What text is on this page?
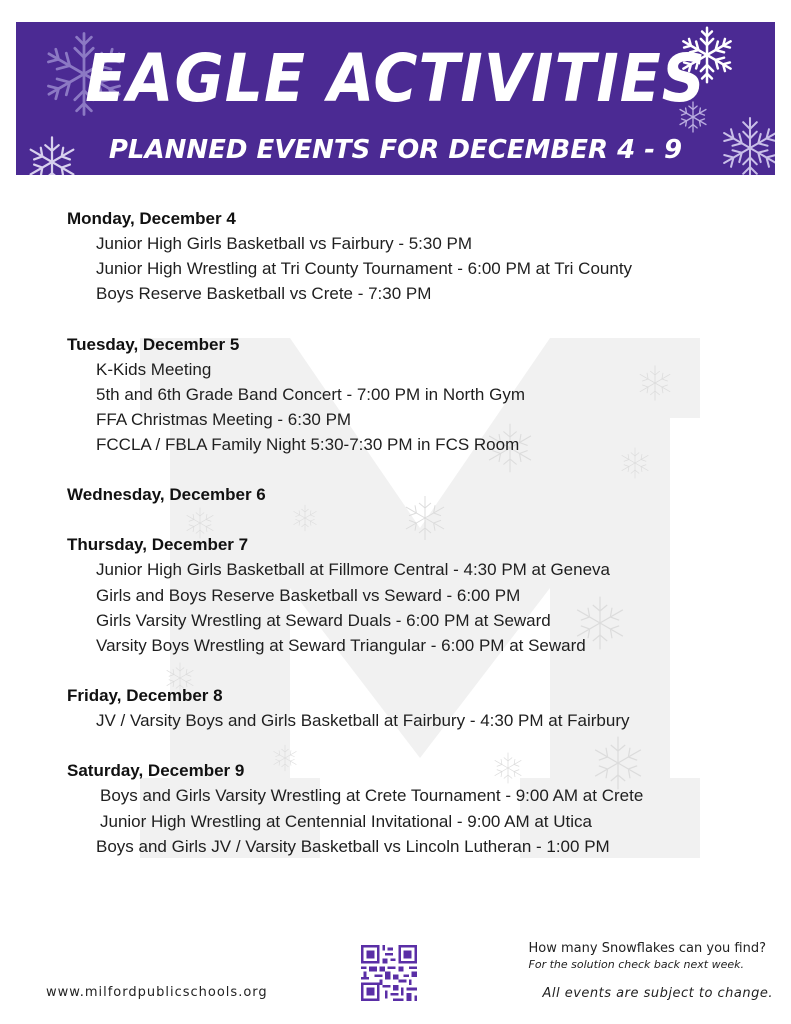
EAGLE ACTIVITIES
PLANNED EVENTS FOR DECEMBER 4 - 9
Monday, December 4
Junior High Girls Basketball vs Fairbury - 5:30 PM
Junior High Wrestling at Tri County Tournament - 6:00 PM at Tri County
Boys Reserve Basketball vs Crete - 7:30 PM
Tuesday, December 5
K-Kids Meeting
5th and 6th Grade Band Concert - 7:00 PM in North Gym
FFA Christmas Meeting - 6:30 PM
FCCLA / FBLA Family Night 5:30-7:30 PM in FCS Room
Wednesday, December 6
Thursday, December 7
Junior High Girls Basketball at Fillmore Central - 4:30 PM at Geneva
Girls and Boys Reserve Basketball vs Seward - 6:00 PM
Girls Varsity Wrestling at Seward Duals - 6:00 PM at Seward
Varsity Boys Wrestling at Seward Triangular - 6:00 PM at Seward
Friday, December 8
JV / Varsity Boys and Girls Basketball at Fairbury - 4:30 PM at Fairbury
Saturday, December 9
Boys and Girls Varsity Wrestling at Crete Tournament - 9:00 AM at Crete
Junior High Wrestling at Centennial Invitational - 9:00 AM at Utica
Boys and Girls JV / Varsity Basketball vs Lincoln Lutheran - 1:00 PM
www.milfordpublicschools.org
How many Snowflakes can you find?
For the solution check back next week.
All events are subject to change.
